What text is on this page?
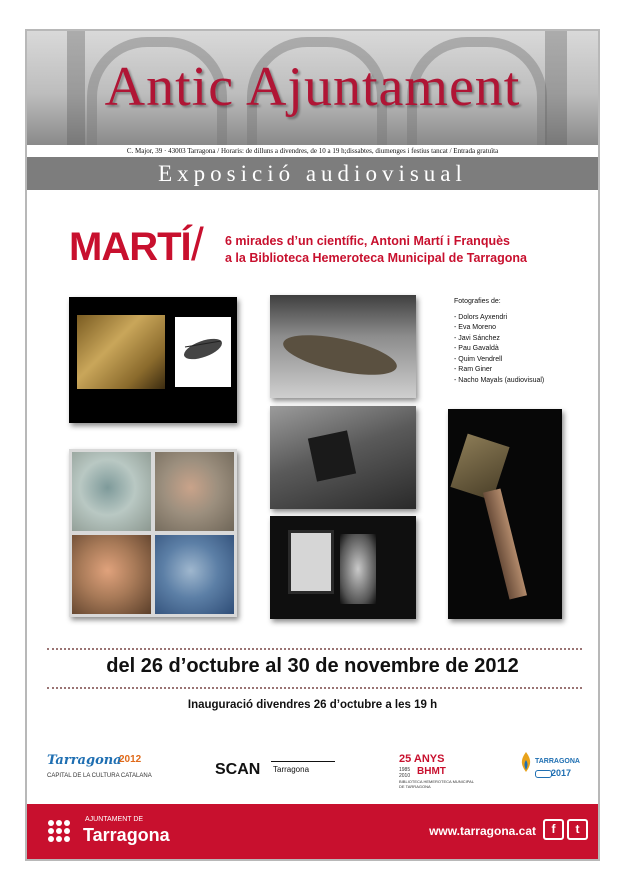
Antic Ajuntament
C. Major, 39 · 43003 Tarragona / Horaris: de dilluns a divendres, de 10 a 19 h;dissabtes, diumenges i festius tancat / Entrada gratuïta
Exposició audiovisual
MARTÍ / 6 mirades d’un científic, Antoni Martí i Franquès
a la Biblioteca Hemeroteca Municipal de Tarragona
Fotografies de:
- Dolors Ayxendri
- Eva Moreno
- Javi Sánchez
- Pau Gavaldà
- Quim Vendrell
- Ram Giner
- Nacho Mayals (audiovisual)
del 26 d’octubre al 30 de novembre de 2012
Inauguració divendres 26 d’octubre a les 19 h
Tarragona
2012
CAPITAL DE LA CULTURA CATALANA	SCAN Tarragona
25 ANYS
1985 2010 BHMT
BIBLIOTECA HEMEROTECA MUNICIPAL DE TARRAGONA
TARRAGONA
2017
AJUNTAMENT DE
Tarragona	www.tarragona.cat	f	t
